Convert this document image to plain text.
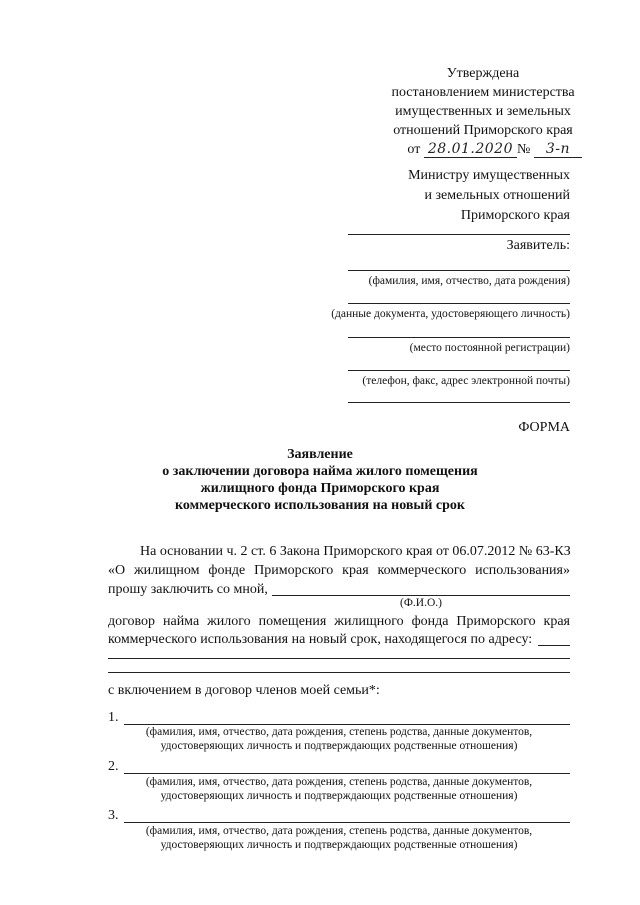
Утверждена
постановлением министерства
имущественных и земельных
отношений Приморского края
от 28.01.2020 № 3-п
Министру имущественных
и земельных отношений
Приморского края
Заявитель:
(фамилия, имя, отчество, дата рождения)
(данные документа, удостоверяющего личность)
(место постоянной регистрации)
(телефон, факс, адрес электронной почты)
ФОРМА
Заявление
о заключении договора найма жилого помещения
жилищного фонда Приморского края
коммерческого использования на новый срок
На основании ч. 2 ст. 6 Закона Приморского края от 06.07.2012 № 63-КЗ
«О жилищном фонде Приморского края коммерческого использования»
прошу заключить со мной,
(Ф.И.О.)
договор найма жилого помещения жилищного фонда Приморского края
коммерческого использования на новый срок, находящегося по адресу:
с включением в договор членов моей семьи*:
1.
(фамилия, имя, отчество, дата рождения, степень родства, данные документов,
удостоверяющих личность и подтверждающих родственные отношения)
2.
(фамилия, имя, отчество, дата рождения, степень родства, данные документов,
удостоверяющих личность и подтверждающих родственные отношения)
3.
(фамилия, имя, отчество, дата рождения, степень родства, данные документов,
удостоверяющих личность и подтверждающих родственные отношения)
